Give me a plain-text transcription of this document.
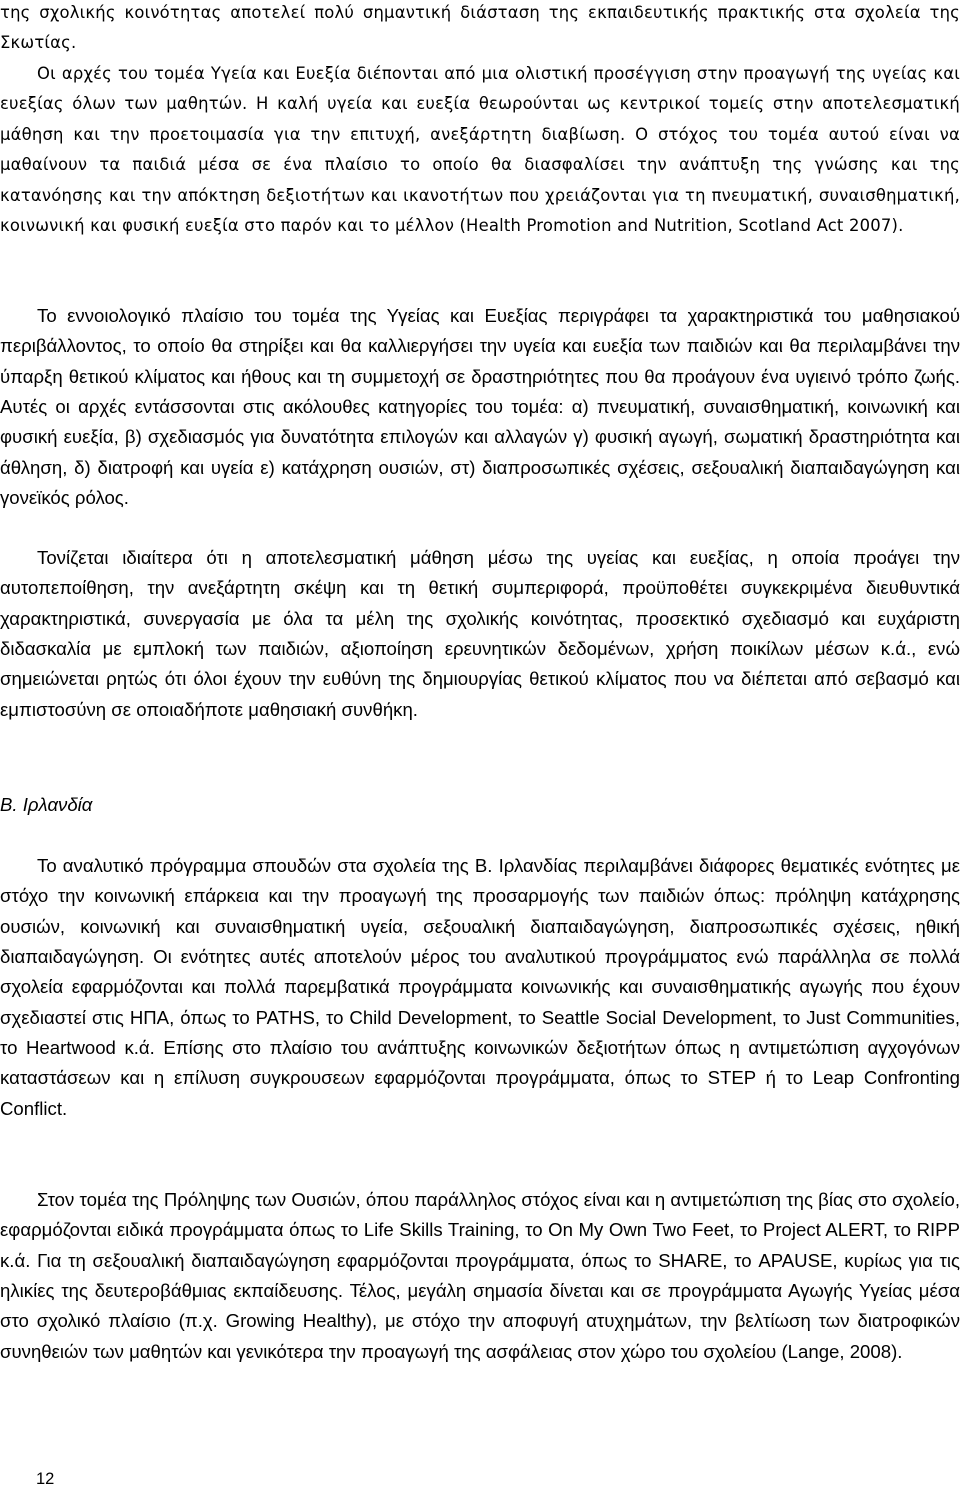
της σχολικής κοινότητας αποτελεί πολύ σημαντική διάσταση της εκπαιδευτικής πρακτικής στα σχολεία της Σκωτίας.

Οι αρχές του τομέα Υγεία και Ευεξία διέπονται από μια ολιστική προσέγγιση στην προαγωγή της υγείας και ευεξίας όλων των μαθητών. Η καλή υγεία και ευεξία θεωρούνται ως κεντρικοί τομείς στην αποτελεσματική μάθηση και την προετοιμασία για την επιτυχή, ανεξάρτητη διαβίωση. Ο στόχος του τομέα αυτού είναι να μαθαίνουν τα παιδιά μέσα σε ένα πλαίσιο το οποίο θα διασφαλίσει την ανάπτυξη της γνώσης και της κατανόησης και την απόκτηση δεξιοτήτων και ικανοτήτων που χρειάζονται για τη πνευματική, συναισθηματική, κοινωνική και φυσική ευεξία στο παρόν και το μέλλον (Health Promotion and Nutrition, Scotland Act 2007).

Το εννοιολογικό πλαίσιο του τομέα της Υγείας και Ευεξίας περιγράφει τα χαρακτηριστικά του μαθησιακού περιβάλλοντος, το οποίο θα στηρίξει και θα καλλιεργήσει την υγεία και ευεξία των παιδιών και θα περιλαμβάνει την ύπαρξη θετικού κλίματος και ήθους και τη συμμετοχή σε δραστηριότητες που θα προάγουν ένα υγιεινό τρόπο ζωής. Αυτές οι αρχές εντάσσονται στις ακόλουθες κατηγορίες του τομέα: α) πνευματική, συναισθηματική, κοινωνική και φυσική ευεξία, β) σχεδιασμός για δυνατότητα επιλογών και αλλαγών γ) φυσική αγωγή, σωματική δραστηριότητα και άθληση, δ) διατροφή και υγεία ε) κατάχρηση ουσιών, στ) διαπροσωπικές σχέσεις, σεξουαλική διαπαιδαγώγηση και γονεϊκός ρόλος.

Τονίζεται ιδιαίτερα ότι η αποτελεσματική μάθηση μέσω της υγείας και ευεξίας, η οποία προάγει την αυτοπεποίθηση, την ανεξάρτητη σκέψη και τη θετική συμπεριφορά, προϋποθέτει συγκεκριμένα διευθυντικά χαρακτηριστικά, συνεργασία με όλα τα μέλη της σχολικής κοινότητας, προσεκτικό σχεδιασμό και ευχάριστη διδασκαλία με εμπλοκή των παιδιών, αξιοποίηση ερευνητικών δεδομένων, χρήση ποικίλων μέσων κ.ά., ενώ σημειώνεται ρητώς ότι όλοι έχουν την ευθύνη της δημιουργίας θετικού κλίματος που να διέπεται από σεβασμό και εμπιστοσύνη σε οποιαδήποτε μαθησιακή συνθήκη.

Β. Ιρλανδία

Το αναλυτικό πρόγραμμα σπουδών στα σχολεία της Β. Ιρλανδίας περιλαμβάνει διάφορες θεματικές ενότητες με στόχο την κοινωνική επάρκεια και την προαγωγή της προσαρμογής των παιδιών όπως: πρόληψη κατάχρησης ουσιών, κοινωνική και συναισθηματική υγεία, σεξουαλική διαπαιδαγώγηση, διαπροσωπικές σχέσεις, ηθική διαπαιδαγώγηση. Οι ενότητες αυτές αποτελούν μέρος του αναλυτικού προγράμματος ενώ παράλληλα σε πολλά σχολεία εφαρμόζονται και πολλά παρεμβατικά προγράμματα κοινωνικής και συναισθηματικής αγωγής που έχουν σχεδιαστεί στις ΗΠΑ, όπως το PATHS, το Child Development, το Seattle Social Development, το Just Communities, το Heartwood κ.ά. Επίσης στο πλαίσιο του ανάπτυξης κοινωνικών δεξιοτήτων όπως η αντιμετώπιση αγχογόνων καταστάσεων και η επίλυση συγκρουσεων εφαρμόζονται προγράμματα, όπως το STEP ή το Leap Confronting Conflict.

Στον τομέα της Πρόληψης των Ουσιών, όπου παράλληλος στόχος είναι και η αντιμετώπιση της βίας στο σχολείο, εφαρμόζονται ειδικά προγράμματα όπως το Life Skills Training, το On My Own Two Feet, το Project ALERT, το RIPP κ.ά. Για τη σεξουαλική διαπαιδαγώγηση εφαρμόζονται προγράμματα, όπως το SHARE, το APAUSE, κυρίως για τις ηλικίες της δευτεροβάθμιας εκπαίδευσης. Τέλος, μεγάλη σημασία δίνεται και σε προγράμματα Αγωγής Υγείας μέσα στο σχολικό πλαίσιο (π.χ. Growing Healthy), με στόχο την αποφυγή ατυχημάτων, την βελτίωση των διατροφικών συνηθειών των μαθητών και γενικότερα την προαγωγή της ασφάλειας στον χώρο του σχολείου (Lange, 2008).

12
